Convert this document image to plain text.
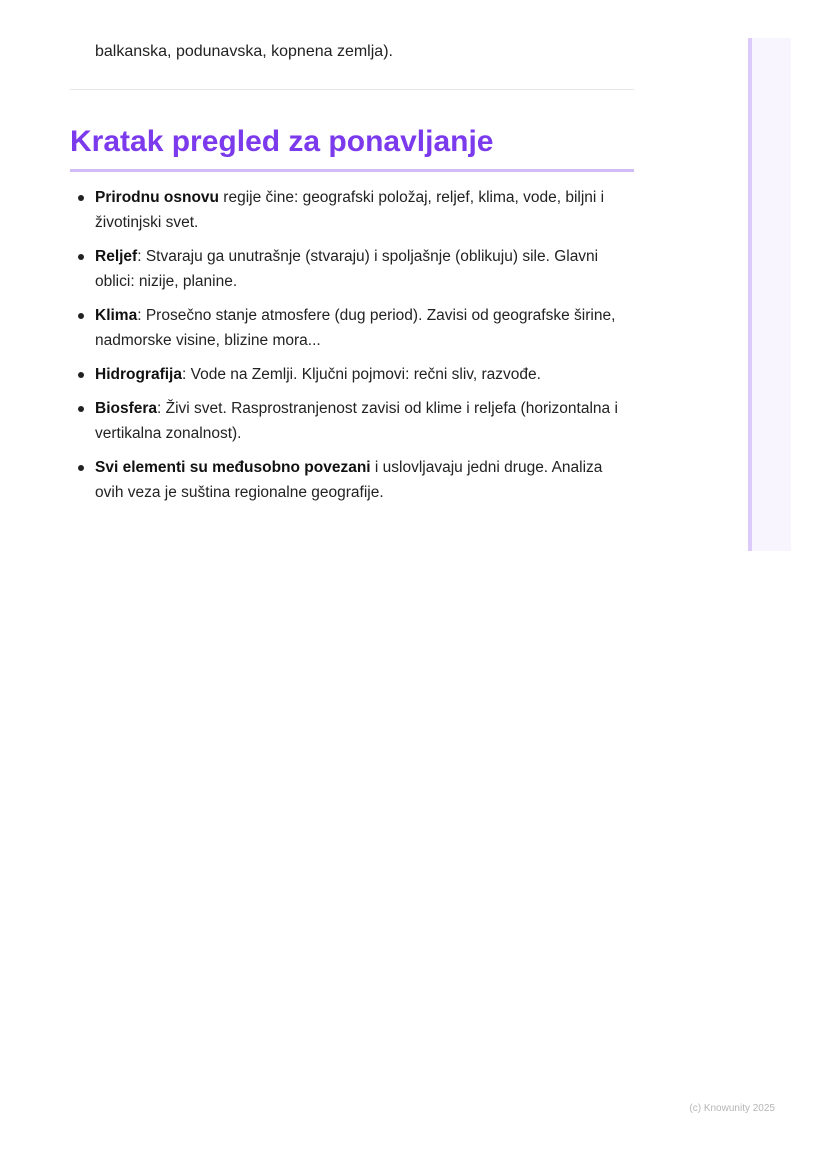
balkanska, podunavska, kopnena zemlja).
Kratak pregled za ponavljanje
Prirodnu osnovu regije čine: geografski položaj, reljef, klima, vode, biljni i životinjski svet.
Reljef: Stvaraju ga unutrašnje (stvaraju) i spoljašnje (oblikuju) sile. Glavni oblici: nizije, planine.
Klima: Prosečno stanje atmosfere (dug period). Zavisi od geografske širine, nadmorske visine, blizine mora...
Hidrografija: Vode na Zemlji. Ključni pojmovi: rečni sliv, razvođe.
Biosfera: Živi svet. Rasprostranjenost zavisi od klime i reljefa (horizontalna i vertikalna zonalnost).
Svi elementi su međusobno povezani i uslovljavaju jedni druge. Analiza ovih veza je suština regionalne geografije.
(c) Knowunity 2025
